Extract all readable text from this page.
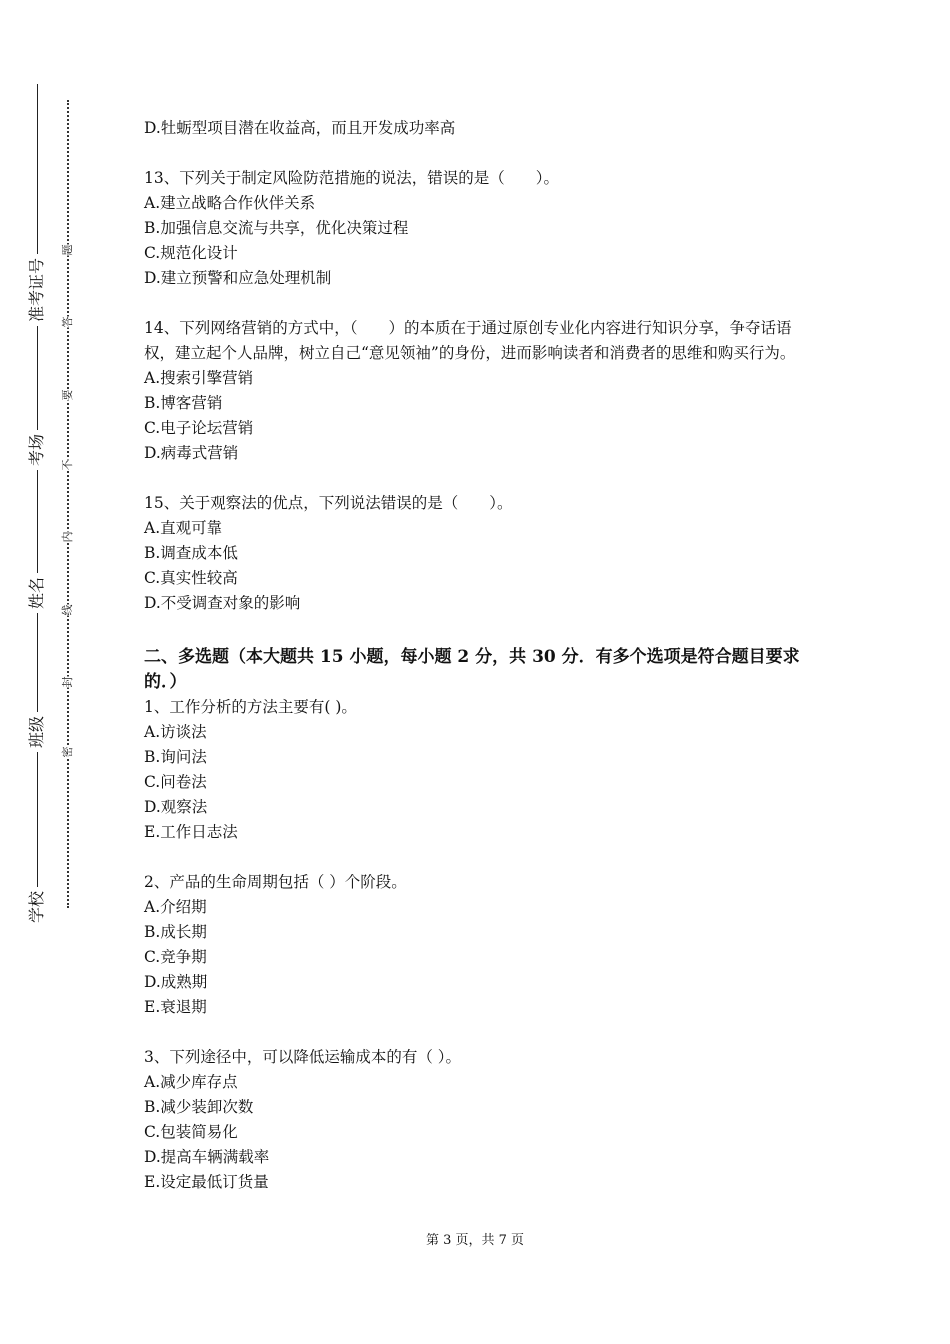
准考证号
考场
姓名
班级
学校
题
答
要
不
内
线
封
密
D.牡蛎型项目潜在收益高，而且开发成功率高
13、下列关于制定风险防范措施的说法，错误的是（　　）。
A.建立战略合作伙伴关系
B.加强信息交流与共享，优化决策过程
C.规范化设计
D.建立预警和应急处理机制
14、下列网络营销的方式中，（　　）的本质在于通过原创专业化内容进行知识分享，争夺话语权，建立起个人品牌，树立自己“意见领袖”的身份，进而影响读者和消费者的思维和购买行为。
A.搜索引擎营销
B.博客营销
C.电子论坛营销
D.病毒式营销
15、关于观察法的优点，下列说法错误的是（　　）。
A.直观可靠
B.调查成本低
C.真实性较高
D.不受调查对象的影响
二、多选题（本大题共 15 小题，每小题 2 分，共 30 分．有多个选项是符合题目要求的．）
1、工作分析的方法主要有( )。
A.访谈法
B.询问法
C.问卷法
D.观察法
E.工作日志法
2、产品的生命周期包括（ ）个阶段。
A.介绍期
B.成长期
C.竞争期
D.成熟期
E.衰退期
3、下列途径中，可以降低运输成本的有（ ）。
A.减少库存点
B.减少装卸次数
C.包装简易化
D.提高车辆满载率
E.设定最低订货量
第 3 页，共 7 页
